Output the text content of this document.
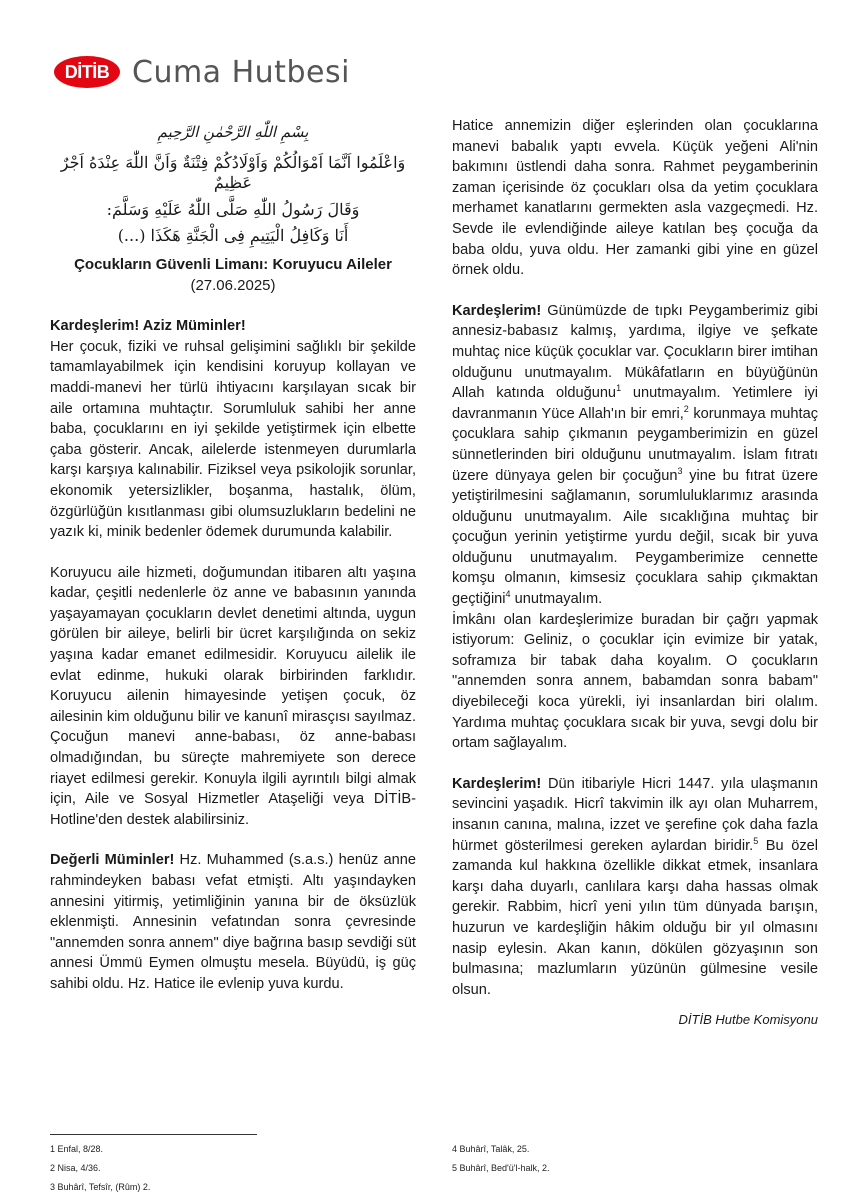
DİTİB Cuma Hutbesi
بِسْمِ اللّٰهِ الرَّحْمٰنِ الرَّحِيمِ
وَاعْلَمُوا اَنَّمَا اَمْوَالُكُمْ وَاَوْلَادُكُمْ فِتْنَةٌ وَاَنَّ اللّٰهَ عِنْدَهُ اَجْرٌ عَظِيمٌ
وَقَالَ رَسُولُ اللّٰهِ صَلَّى اللّٰهُ عَلَيْهِ وَسَلَّمَ:
أَنَا وَكَافِلُ الْيَتِيمِ فِى الْجَنَّةِ هَكَذَا (...)
Çocukların Güvenli Limanı: Koruyucu Aileler
(27.06.2025)

Kardeşlerim! Aziz Müminler!
Her çocuk, fiziki ve ruhsal gelişimini sağlıklı bir şekilde tamamlayabilmek için kendisini koruyup kollayan ve maddi-manevi her türlü ihtiyacını karşılayan sıcak bir aile ortamına muhtaçtır. Sorumluluk sahibi her anne baba, çocuklarını en iyi şekilde yetiştirmek için elbette çaba gösterir. Ancak, ailelerde istenmeyen durumlarla karşı karşıya kalınabilir. Fiziksel veya psikolojik sorunlar, ekonomik yetersizlikler, boşanma, hastalık, ölüm, özgürlüğün kısıtlanması gibi olumsuzlukların bedelini ne yazık ki, minik bedenler ödemek durumunda kalabilir.

Koruyucu aile hizmeti, doğumundan itibaren altı yaşına kadar, çeşitli nedenlerle öz anne ve babasının yanında yaşayamayan çocukların devlet denetimi altında, uygun görülen bir aileye, belirli bir ücret karşılığında on sekiz yaşına kadar emanet edilmesidir. Koruyucu ailelik ile evlat edinme, hukuki olarak birbirinden farklıdır. Koruyucu ailenin himayesinde yetişen çocuk, öz ailesinin kim olduğunu bilir ve kanunî mirasçısı sayılmaz. Çocuğun manevi anne-babası, öz anne-babası olmadığından, bu süreçte mahremiyete son derece riayet edilmesi gerekir. Konuyla ilgili ayrıntılı bilgi almak için, Aile ve Sosyal Hizmetler Ataşeliği veya DİTİB-Hotline'den destek alabilirsiniz.

Değerli Müminler! Hz. Muhammed (s.a.s.) henüz anne rahmindeyken babası vefat etmişti. Altı yaşındayken annesini yitirmiş, yetimliğinin yanına bir de öksüzlük eklenmişti. Annesinin vefatından sonra çevresinde "annemden sonra annem" diye bağrına basıp sevdiği süt annesi Ümmü Eymen olmuştu mesela. Büyüdü, iş güç sahibi oldu. Hz. Hatice ile evlenip yuva kurdu.

Hatice annemizin diğer eşlerinden olan çocuklarına manevi babalık yaptı evvela. Küçük yeğeni Ali'nin bakımını üstlendi daha sonra. Rahmet peygamberinin zaman içerisinde öz çocukları olsa da yetim çocuklara merhamet kanatlarını germekten asla vazgeçmedi. Hz. Sevde ile evlendiğinde aileye katılan beş çocuğa da baba oldu, yuva oldu. Her zamanki gibi yine en güzel örnek oldu.

Kardeşlerim! Günümüzde de tıpkı Peygamberimiz gibi annesiz-babasız kalmış, yardıma, ilgiye ve şefkate muhtaç nice küçük çocuklar var. Çocukların birer imtihan olduğunu unutmayalım. Mükâfatların en büyüğünün Allah katında olduğunu$^1$ unutmayalım. Yetimlere iyi davranmanın Yüce Allah'ın bir emri,$^2$ korunmaya muhtaç çocuklara sahip çıkmanın peygamberimizin en güzel sünnetlerinden biri olduğunu unutmayalım. İslam fıtratı üzere dünyaya gelen bir çocuğun$^3$ yine bu fıtrat üzere yetiştirilmesini sağlamanın, sorumluluklarımız arasında olduğunu unutmayalım. Aile sıcaklığına muhtaç bir çocuğun yerinin yetiştirme yurdu değil, sıcak bir yuva olduğunu unutmayalım. Peygamberimize cennette komşu olmanın, kimsesiz çocuklara sahip çıkmaktan geçtiğini$^4$ unutmayalım.

İmkânı olan kardeşlerimize buradan bir çağrı yapmak istiyorum: Geliniz, o çocuklar için evimize bir yatak, soframıza bir tabak daha koyalım. O çocukların "annemden sonra annem, babamdan sonra babam" diyebileceği koca yürekli, iyi insanlardan biri olalım. Yardıma muhtaç çocuklara sıcak bir yuva, sevgi dolu bir ortam sağlayalım.

Kardeşlerim! Dün itibariyle Hicri 1447. yıla ulaşmanın sevincini yaşadık. Hicrî takvimin ilk ayı olan Muharrem, insanın canına, malına, izzet ve şerefine çok daha fazla hürmet gösterilmesi gereken aylardan biridir.$^5$ Bu özel zamanda kul hakkına özellikle dikkat etmek, insanlara karşı daha duyarlı, canlılara karşı daha hassas olmak gerekir. Rabbim, hicrî yeni yılın tüm dünyada barışın, huzurun ve kardeşliğin hâkim olduğu bir yıl olmasını nasip eylesin. Akan kanın, dökülen gözyaşının son bulmasına; mazlumların yüzünün gülmesine vesile olsun.

DİTİB Hutbe Komisyonu
1 Enfal, 8/28.
2 Nisa, 4/36.
3 Buhârî, Tefsîr, (Rûm) 2.
4 Buhârî, Talâk, 25.
5 Buhârî, Bed'ü'l-halk, 2.
